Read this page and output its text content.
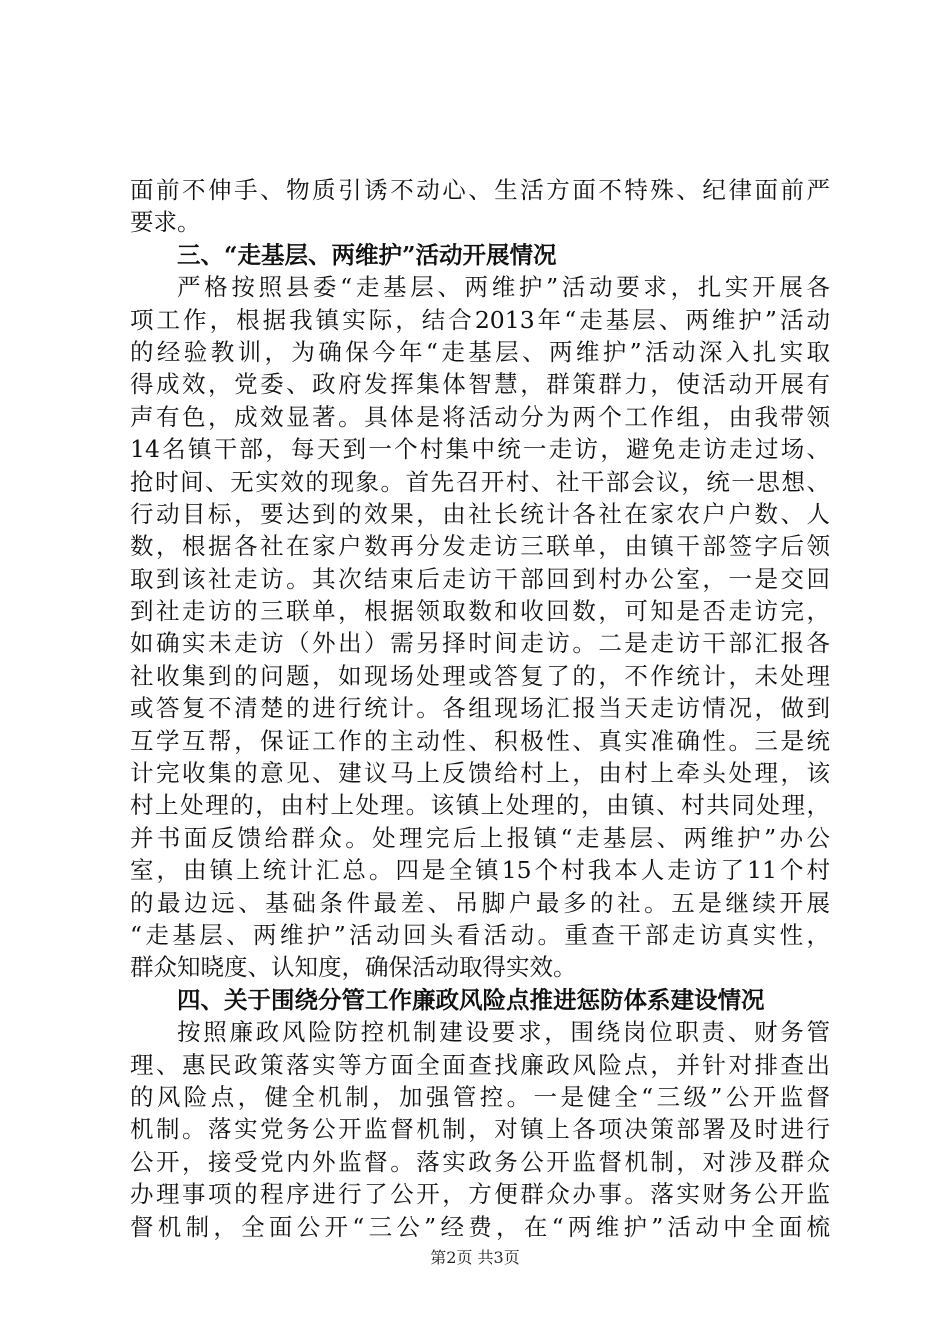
面前不伸手、物质引诱不动心、生活方面不特殊、纪律面前严
要求。
三、“走基层、两维护”活动开展情况
严格按照县委“走基层、两维护”活动要求，扎实开展各
项工作，根据我镇实际，结合2013年“走基层、两维护”活动
的经验教训，为确保今年“走基层、两维护”活动深入扎实取
得成效，党委、政府发挥集体智慧，群策群力，使活动开展有
声有色，成效显著。具体是将活动分为两个工作组，由我带领
14名镇干部，每天到一个村集中统一走访，避免走访走过场、
抢时间、无实效的现象。首先召开村、社干部会议，统一思想、
行动目标，要达到的效果，由社长统计各社在家农户户数、人
数，根据各社在家户数再分发走访三联单，由镇干部签字后领
取到该社走访。其次结束后走访干部回到村办公室，一是交回
到社走访的三联单，根据领取数和收回数，可知是否走访完，
如确实未走访（外出）需另择时间走访。二是走访干部汇报各
社收集到的问题，如现场处理或答复了的，不作统计，未处理
或答复不清楚的进行统计。各组现场汇报当天走访情况，做到
互学互帮，保证工作的主动性、积极性、真实准确性。三是统
计完收集的意见、建议马上反馈给村上，由村上牵头处理，该
村上处理的，由村上处理。该镇上处理的，由镇、村共同处理，
并书面反馈给群众。处理完后上报镇“走基层、两维护”办公
室，由镇上统计汇总。四是全镇15个村我本人走访了11个村
的最边远、基础条件最差、吊脚户最多的社。五是继续开展
“走基层、两维护”活动回头看活动。重查干部走访真实性，
群众知晓度、认知度，确保活动取得实效。
四、关于围绕分管工作廉政风险点推进惩防体系建设情况
按照廉政风险防控机制建设要求，围绕岗位职责、财务管
理、惠民政策落实等方面全面查找廉政风险点，并针对排查出
的风险点，健全机制，加强管控。一是健全“三级”公开监督
机制。落实党务公开监督机制，对镇上各项决策部署及时进行
公开，接受党内外监督。落实政务公开监督机制，对涉及群众
办理事项的程序进行了公开，方便群众办事。落实财务公开监
督机制，全面公开“三公”经费，在“两维护”活动中全面梳
第2页 共3页
